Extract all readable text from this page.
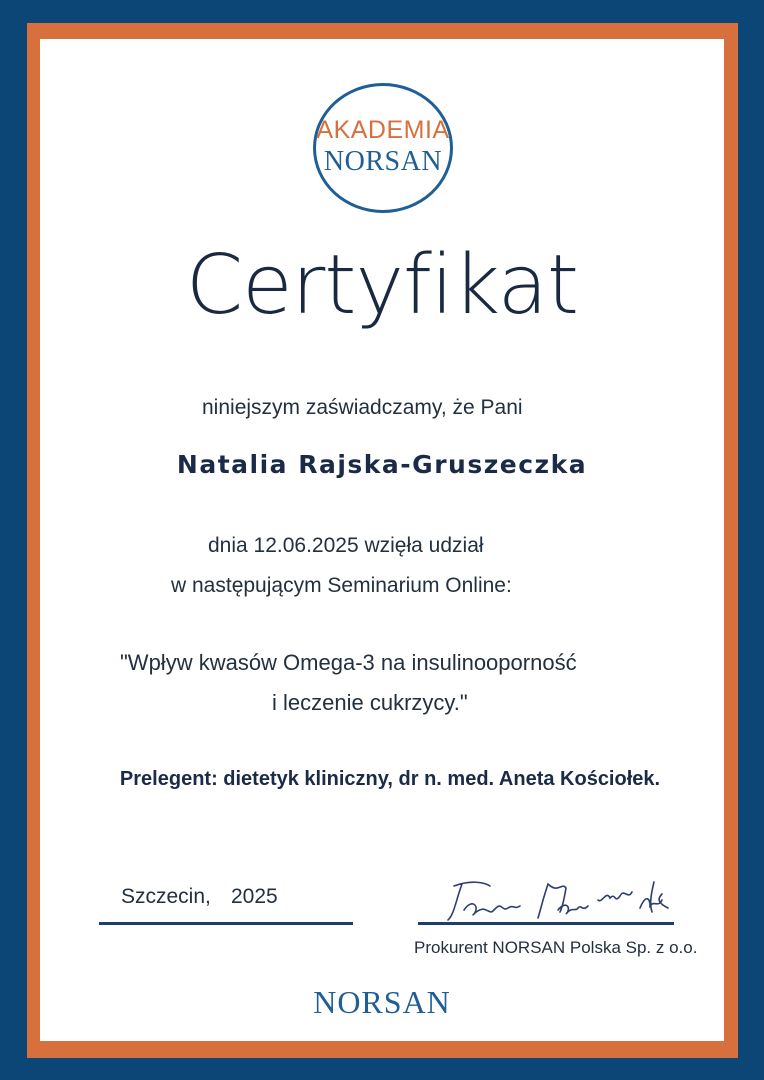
AKADEMIA
NORSAN
Certyfikat
niniejszym zaświadczamy, że Pani
Natalia Rajska-Gruszeczka
dnia 12.06.2025 wzięła udział
w następującym Seminarium Online:
"Wpływ kwasów Omega-3 na insulinooporność
i leczenie cukrzycy."
Prelegent: dietetyk kliniczny, dr n. med. Aneta Kościołek.
Szczecin, 2025
Prokurent NORSAN Polska Sp. z o.o.
NORSAN
